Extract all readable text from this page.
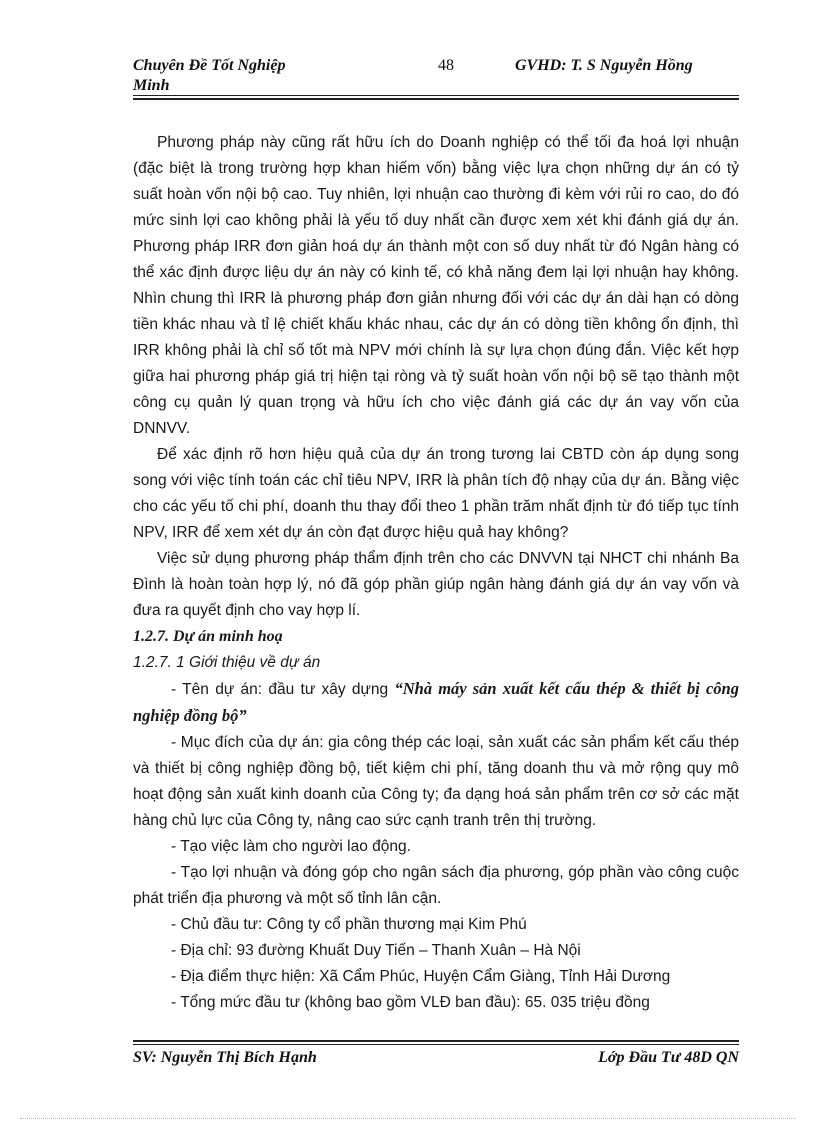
Chuyên Đề Tốt Nghiệp Minh
48	GVHD: T. S Nguyễn Hồng

Phương pháp này cũng rất hữu ích do Doanh nghiệp có thể tối đa hoá lợi nhuận (đặc biệt là trong trường hợp khan hiếm vốn) bằng việc lựa chọn những dự án có tỷ suất hoàn vốn nội bộ cao. Tuy nhiên, lợi nhuận cao thường đi kèm với rủi ro cao, do đó mức sinh lợi cao không phải là yếu tố duy nhất cần được xem xét khi đánh giá dự án. Phương pháp IRR đơn giản hoá dự án thành một con số duy nhất từ đó Ngân hàng có thể xác định được liệu dự án này có kinh tế, có khả năng đem lại lợi nhuận hay không. Nhìn chung thì IRR là phương pháp đơn giản nhưng đối với các dự án dài hạn có dòng tiền khác nhau và tỉ lệ chiết khấu khác nhau, các dự án có dòng tiền không ổn định, thì IRR không phải là chỉ số tốt mà NPV mới chính là sự lựa chọn đúng đắn. Việc kết hợp giữa hai phương pháp giá trị hiện tại ròng và tỷ suất hoàn vốn nội bộ sẽ tạo thành một công cụ quản lý quan trọng và hữu ích cho việc đánh giá các dự án vay vốn của DNNVV.

Để xác định rõ hơn hiệu quả của dự án trong tương lai CBTD còn áp dụng song song với việc tính toán các chỉ tiêu NPV, IRR là phân tích độ nhạy của dự án. Bằng việc cho các yếu tố chi phí, doanh thu thay đổi theo 1 phần trăm nhất định từ đó tiếp tục tính NPV, IRR để xem xét dự án còn đạt được hiệu quả hay không?

Việc sử dụng phương pháp thẩm định trên cho các DNVVN tại NHCT chi nhánh Ba Đình là hoàn toàn hợp lý, nó đã góp phần giúp ngân hàng đánh giá dự án vay vốn và đưa ra quyết định cho vay hợp lí.

1.2.7. Dự án minh hoạ

1.2.7. 1 Giới thiệu về dự án

- Tên dự án: đầu tư xây dựng “Nhà máy sản xuất kết cấu thép & thiết bị công nghiệp đồng bộ”

- Mục đích của dự án: gia công thép các loại, sản xuất các sản phẩm kết cấu thép và thiết bị công nghiệp đồng bộ, tiết kiệm chi phí, tăng doanh thu và mở rộng quy mô hoạt động sản xuất kinh doanh của Công ty; đa dạng hoá sản phẩm trên cơ sở các mặt hàng chủ lực của Công ty, nâng cao sức cạnh tranh trên thị trường.

- Tạo việc làm cho người lao động.

- Tạo lợi nhuận và đóng góp cho ngân sách địa phương, góp phần vào công cuộc phát triển địa phương và một số tỉnh lân cận.

- Chủ đầu tư: Công ty cổ phần thương mại Kim Phú

- Địa chỉ: 93 đường Khuất Duy Tiến – Thanh Xuân – Hà Nội

- Địa điểm thực hiện: Xã Cẩm Phúc, Huyện Cẩm Giàng, Tỉnh Hải Dương

- Tổng mức đầu tư (không bao gồm VLĐ ban đầu): 65. 035 triệu đồng

SV: Nguyễn Thị Bích Hạnh	Lớp Đầu Tư 48D QN
